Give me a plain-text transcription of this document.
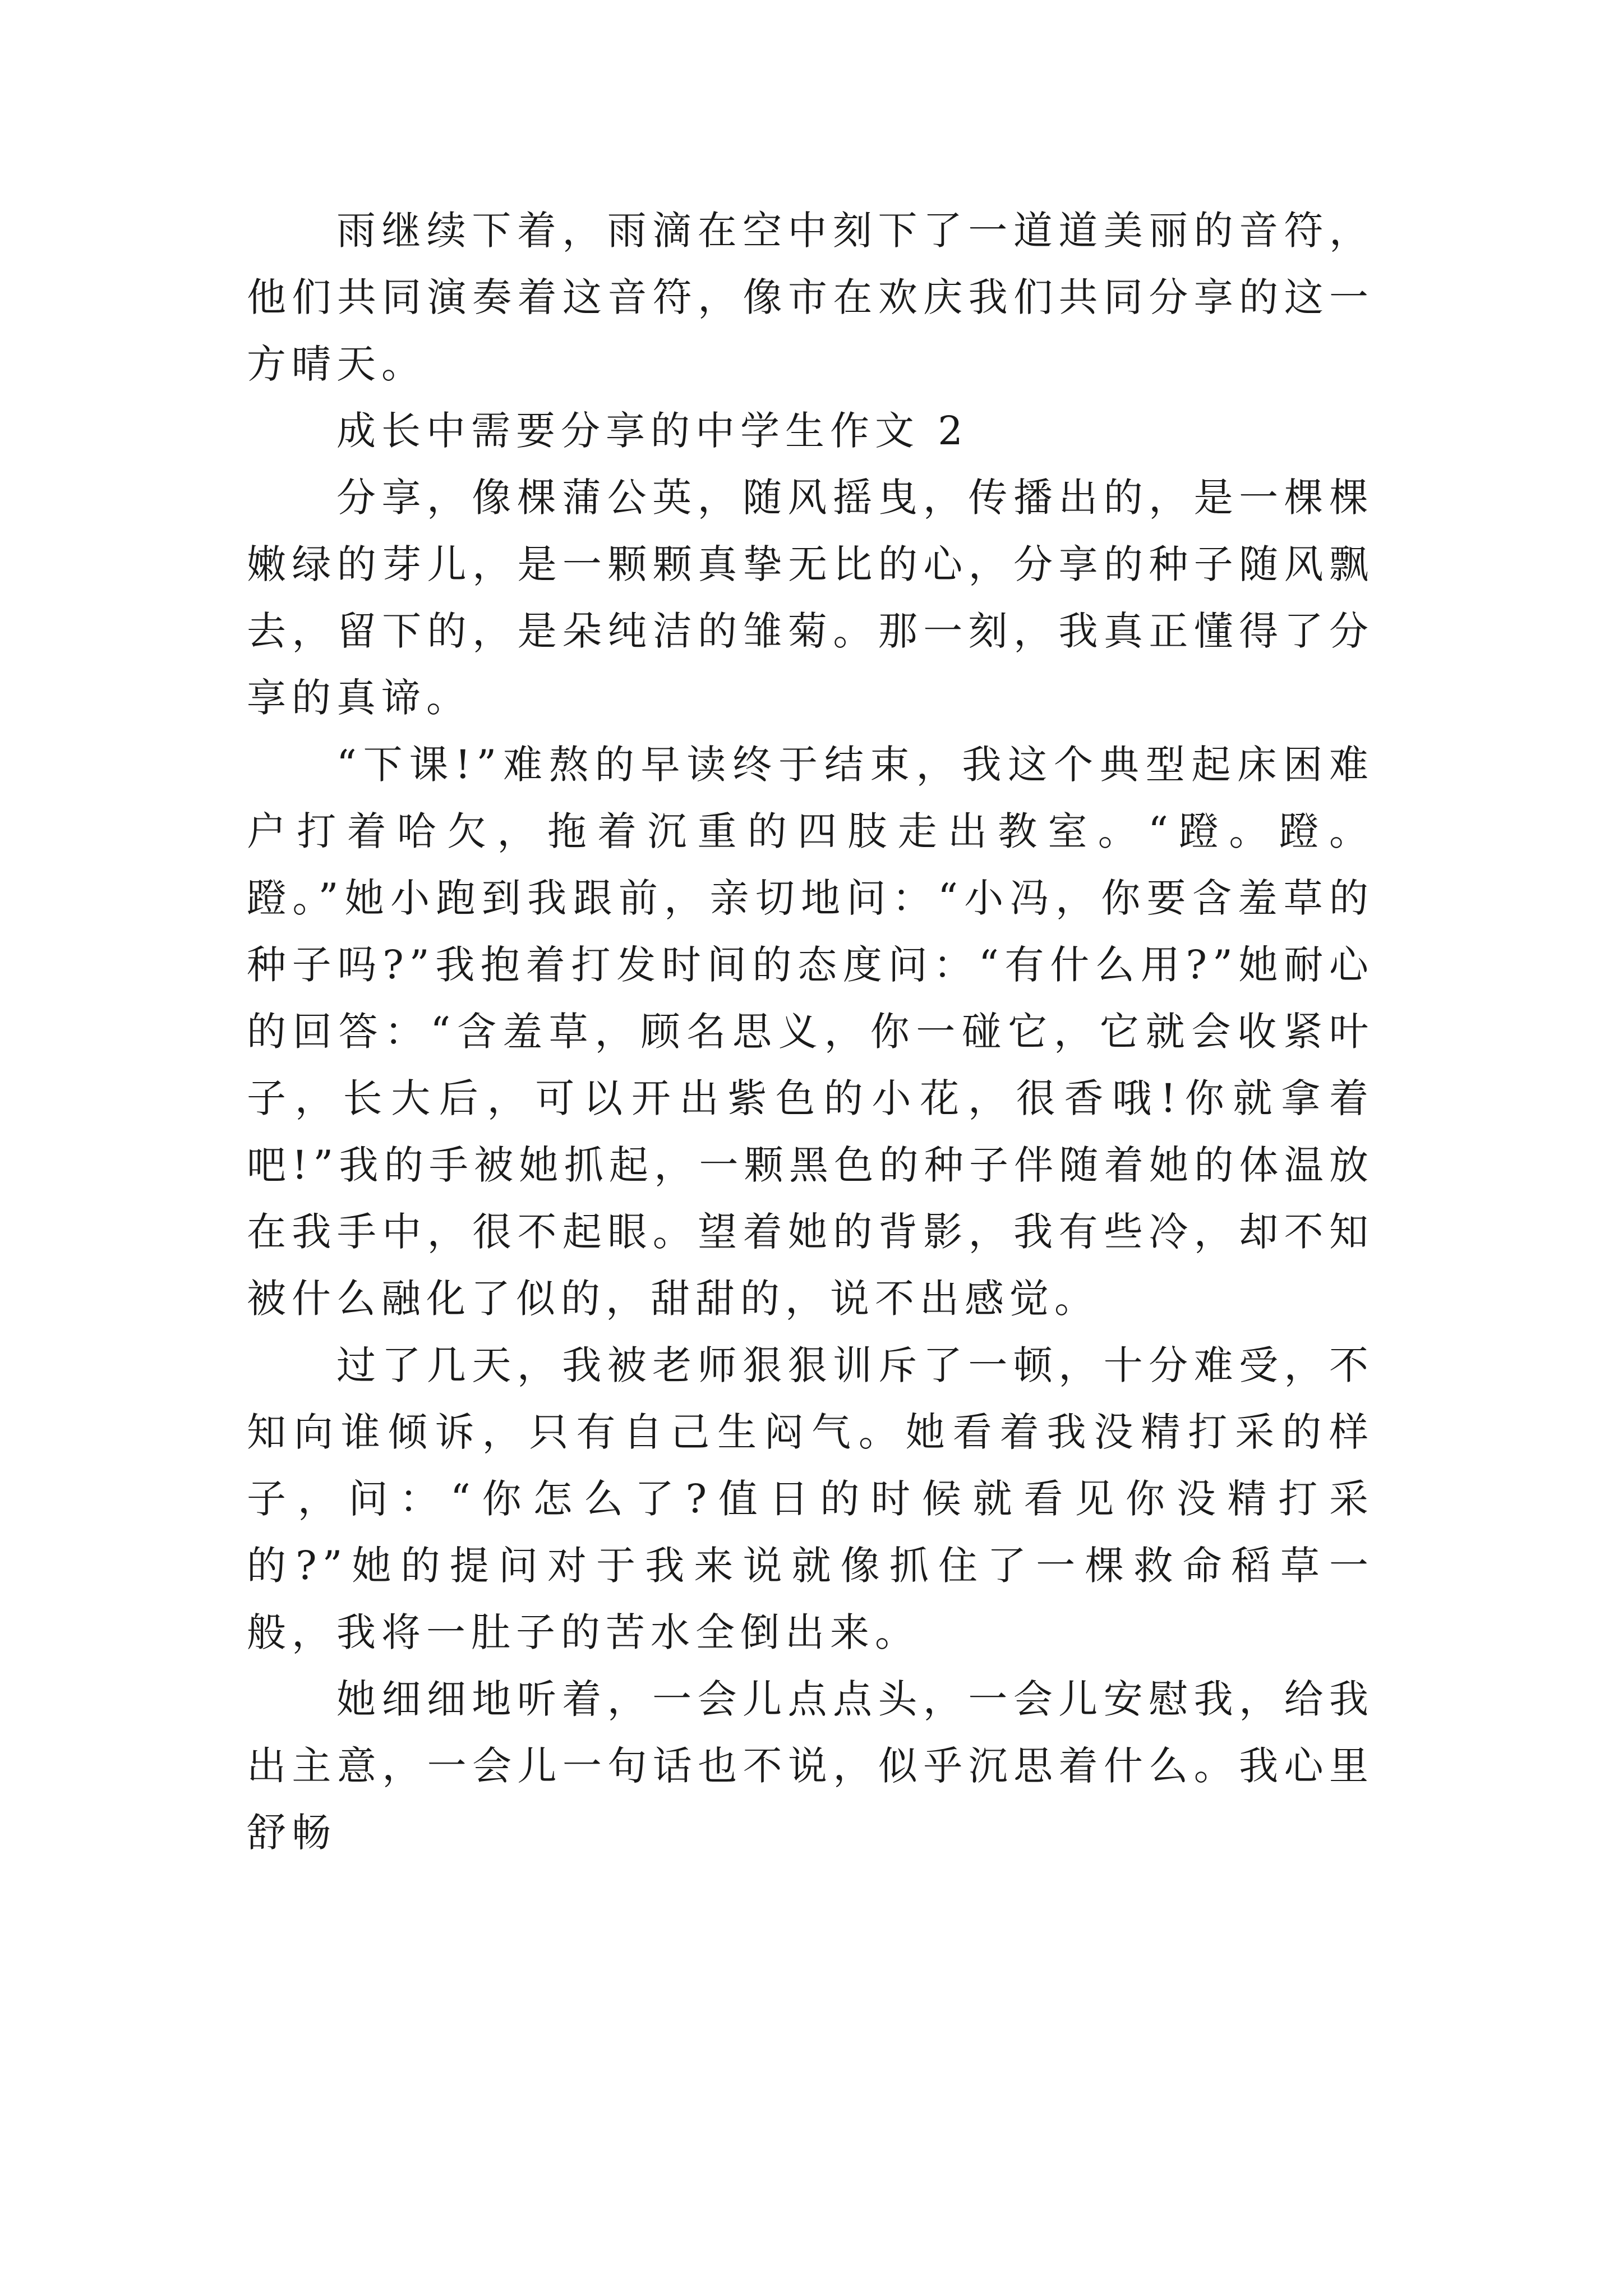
雨继续下着，雨滴在空中刻下了一道道美丽的音符，他们共同演奏着这音符，像市在欢庆我们共同分享的这一方晴天。

成长中需要分享的中学生作文 2

分享，像棵蒲公英，随风摇曳，传播出的，是一棵棵嫩绿的芽儿，是一颗颗真挚无比的心，分享的种子随风飘去，留下的，是朵纯洁的雏菊。那一刻，我真正懂得了分享的真谛。

“下课!”难熬的早读终于结束，我这个典型起床困难户打着哈欠，拖着沉重的四肢走出教室。“蹬。蹬。蹬。”她小跑到我跟前，亲切地问：“小冯，你要含羞草的种子吗?”我抱着打发时间的态度问：“有什么用?”她耐心的回答：“含羞草，顾名思义，你一碰它，它就会收紧叶子，长大后，可以开出紫色的小花，很香哦!你就拿着吧!”我的手被她抓起，一颗黑色的种子伴随着她的体温放在我手中，很不起眼。望着她的背影，我有些冷，却不知被什么融化了似的，甜甜的，说不出感觉。

过了几天，我被老师狠狠训斥了一顿，十分难受，不知向谁倾诉，只有自己生闷气。她看着我没精打采的样子，问：“你怎么了?值日的时候就看见你没精打采的?”她的提问对于我来说就像抓住了一棵救命稻草一般，我将一肚子的苦水全倒出来。

她细细地听着，一会儿点点头，一会儿安慰我，给我出主意，一会儿一句话也不说，似乎沉思着什么。我心里舒畅
